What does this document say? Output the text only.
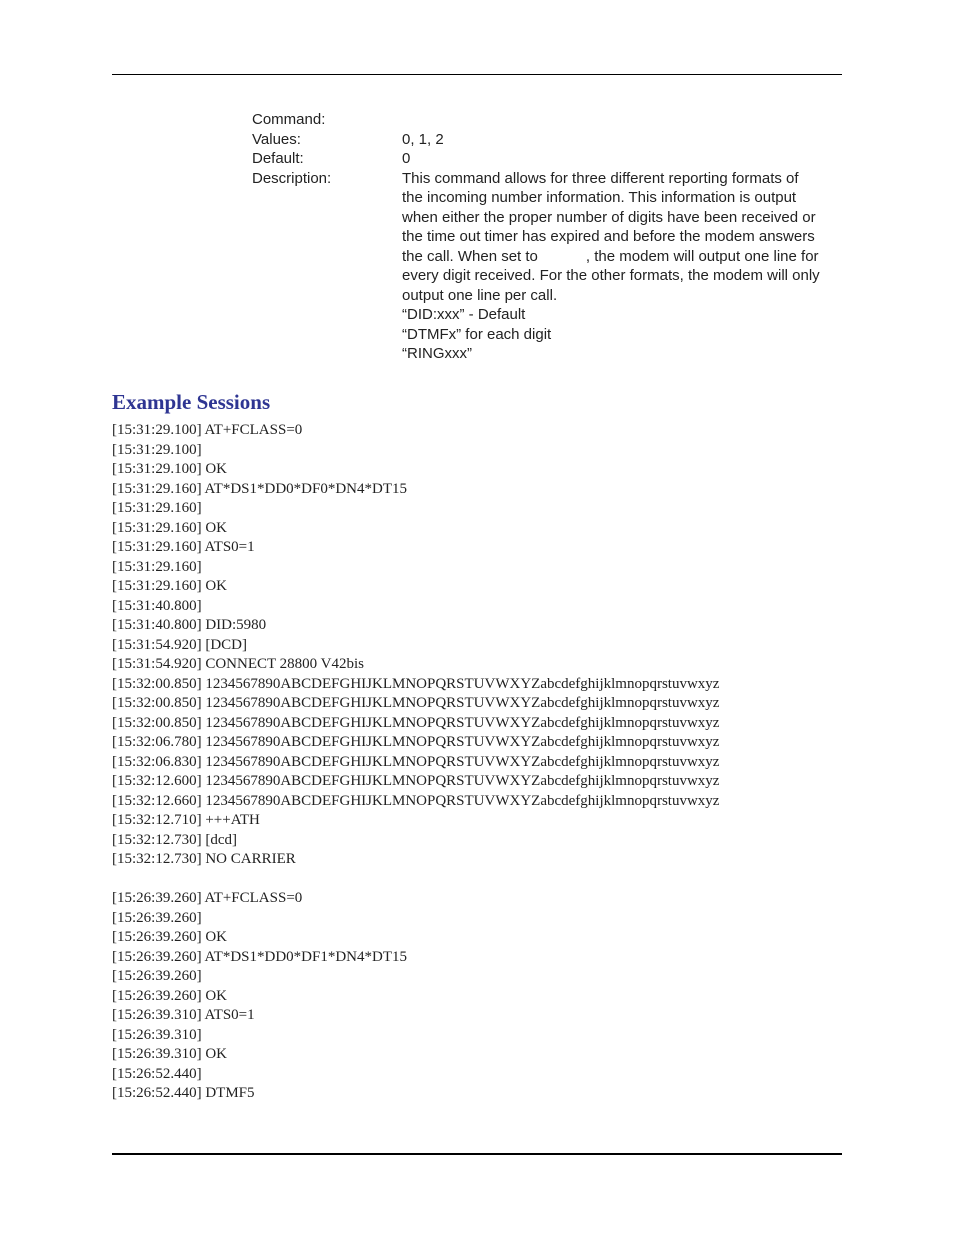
Command:
Values:	0, 1, 2
Default:	0
Description:	This command allows for three different reporting formats of
the incoming number information. This information is output
when either the proper number of digits have been received or
the time out timer has expired and before the modem answers
the call. When set to	, the modem will output one line for
every digit received. For the other formats, the modem will only
output one line per call.
“DID:xxx” - Default
“DTMFx” for each digit
“RINGxxx”
Example Sessions
[15:31:29.100] AT+FCLASS=0
[15:31:29.100]
[15:31:29.100] OK
[15:31:29.160] AT*DS1*DD0*DF0*DN4*DT15
[15:31:29.160]
[15:31:29.160] OK
[15:31:29.160] ATS0=1
[15:31:29.160]
[15:31:29.160] OK
[15:31:40.800]
[15:31:40.800] DID:5980
[15:31:54.920] [DCD]
[15:31:54.920] CONNECT 28800 V42bis
[15:32:00.850] 1234567890ABCDEFGHIJKLMNOPQRSTUVWXYZabcdefghijklmnopqrstuvwxyz
[15:32:00.850] 1234567890ABCDEFGHIJKLMNOPQRSTUVWXYZabcdefghijklmnopqrstuvwxyz
[15:32:00.850] 1234567890ABCDEFGHIJKLMNOPQRSTUVWXYZabcdefghijklmnopqrstuvwxyz
[15:32:06.780] 1234567890ABCDEFGHIJKLMNOPQRSTUVWXYZabcdefghijklmnopqrstuvwxyz
[15:32:06.830] 1234567890ABCDEFGHIJKLMNOPQRSTUVWXYZabcdefghijklmnopqrstuvwxyz
[15:32:12.600] 1234567890ABCDEFGHIJKLMNOPQRSTUVWXYZabcdefghijklmnopqrstuvwxyz
[15:32:12.660] 1234567890ABCDEFGHIJKLMNOPQRSTUVWXYZabcdefghijklmnopqrstuvwxyz
[15:32:12.710] +++ATH
[15:32:12.730] [dcd]
[15:32:12.730] NO CARRIER
[15:26:39.260] AT+FCLASS=0
[15:26:39.260]
[15:26:39.260] OK
[15:26:39.260] AT*DS1*DD0*DF1*DN4*DT15
[15:26:39.260]
[15:26:39.260] OK
[15:26:39.310] ATS0=1
[15:26:39.310]
[15:26:39.310] OK
[15:26:52.440]
[15:26:52.440] DTMF5
